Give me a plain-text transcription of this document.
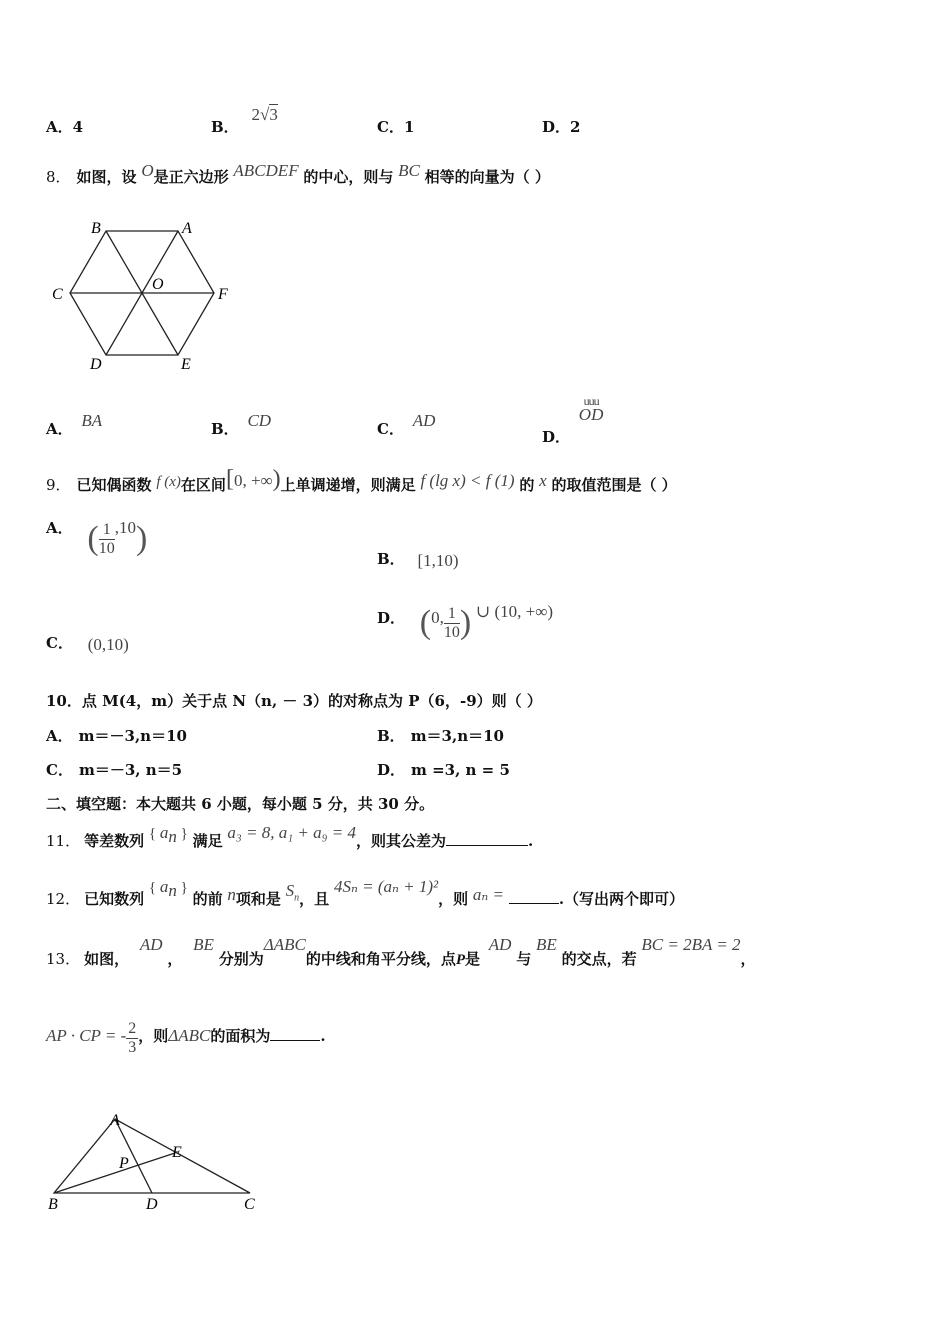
A．4	B． 2√3
C．1	D．2
8． 如图，设 O是正六边形 ABCDEF 的中心，则与 BC 相等的向量为（ ）
B	A
C
O
F
D	E
A． BA	B． CD	C． AD
D．
uuu
OD
9． 已知偶函数 f (x)在区间[0, +∞)上单调递增，则满足 f (lg x) < f (1) 的 x 的取值范围是（ ）
A． ( $\frac{1}{10} ,10$)
B． [1,10)
C． (0,10)
D． (0, $\frac{1}{10}$ ) ∪ (10, +∞)
10．点 M(4，m）关于点 N（n, － 3）的对称点为 P（6，-9）则（ ）
A． m＝－3,n＝10	B． m＝3,n＝10
C． m＝－3, n＝5	D． m =3, n = 5
二、填空题：本大题共 6 小题，每小题 5 分，共 30 分。
11． 等差数列 { $a_n$ } 满足 a₃ = 8, a₁ + a₉ = 4，则其公差为	.
12． 已知数列 { $a_n$ } 的前 n项和是 $S_n$，且 4Sₙ = (aₙ + 1)²，则 aₙ =	.（写出两个即可）
13． 如图， AD ， BE 分别为ΔABC的中线和角平分线，点P是 AD 与 BE 的交点，若 BC = 2BA = 2，
AP · CP = - $\frac{2}{3}$ ，则ΔABC的面积为	.
A
B	D	C
E
P
